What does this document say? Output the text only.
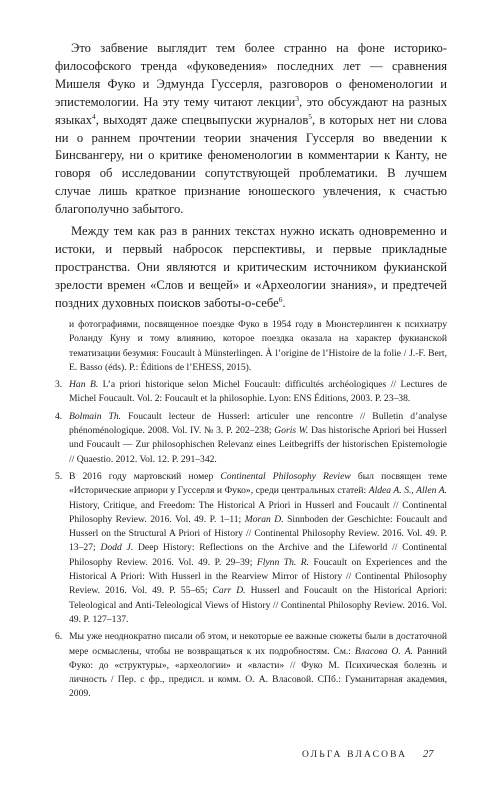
Это забвение выглядит тем более странно на фоне историко-философского тренда «фуковедения» последних лет — сравнения Мишеля Фуко и Эдмунда Гуссерля, разговоров о феноменологии и эпистемологии. На эту тему читают лекции$^3$, это обсуждают на разных языках$^4$, выходят даже спецвыпуски журналов$^5$, в которых нет ни слова ни о раннем прочтении теории значения Гуссерля во введении к Бинсвангеру, ни о критике феноменологии в комментарии к Канту, не говоря об исследовании сопутствующей проблематики. В лучшем случае лишь краткое признание юношеского увлечения, к счастью благополучно забытого.

Между тем как раз в ранних текстах нужно искать одновременно и истоки, и первый набросок перспективы, и первые прикладные пространства. Они являются и критическим источником фукианской зрелости времен «Слов и вещей» и «Археологии знания», и предтечей поздних духовных поисков заботы-о-себе$^6$.

и фотографиями, посвященное поездке Фуко в 1954 году в Мюнстерлинген к психиатру Роланду Куну и тому влиянию, которое поездка оказала на характер фукианской тематизации безумия: Foucault à Münsterlingen. À l’origine de l’Histoire de la folie / J.-F. Bert, E. Basso (éds). P.: Éditions de l’EHESS, 2015).

3. Han B. L’a priori historique selon Michel Foucault: difficultés archéologiques // Lectures de Michel Foucault. Vol. 2: Foucault et la philosophie. Lyon: ENS Éditions, 2003. P. 23–38.
4. Bolmain Th. Foucault lecteur de Husserl: articuler une rencontre // Bulletin d’analyse phénoménologique. 2008. Vol. IV. № 3. P. 202–238; Goris W. Das historische Apriori bei Husserl und Foucault — Zur philosophischen Relevanz eines Leitbegriffs der historischen Epistemologie // Quaestio. 2012. Vol. 12. P. 291–342.
5. В 2016 году мартовский номер Continental Philosophy Review был посвящен теме «Исторические априори у Гуссерля и Фуко», среди центральных статей: Aldea A. S., Allen A. History, Critique, and Freedom: The Historical A Priori in Husserl and Foucault // Continental Philosophy Review. 2016. Vol. 49. P. 1–11; Moran D. Sinnboden der Geschichte: Foucault and Husserl on the Structural A Priori of History // Continental Philosophy Review. 2016. Vol. 49. P. 13–27; Dodd J. Deep History: Reflections on the Archive and the Lifeworld // Continental Philosophy Review. 2016. Vol. 49. P. 29–39; Flynn Th. R. Foucault on Experiences and the Historical A Priori: With Husserl in the Rearview Mirror of History // Continental Philosophy Review. 2016. Vol. 49. P. 55–65; Carr D. Husserl and Foucault on the Historical Apriori: Teleological and Anti-Teleological Views of History // Continental Philosophy Review. 2016. Vol. 49. P. 127–137.
6. Мы уже неоднократно писали об этом, и некоторые ее важные сюжеты были в достаточной мере осмыслены, чтобы не возвращаться к их подробностям. См.: Власова О. А. Ранний Фуко: до «структуры», «археологии» и «власти» // Фуко М. Психическая болезнь и личность / Пер. с фр., предисл. и комм. О. А. Власовой. СПб.: Гуманитарная академия, 2009.
ОЛЬГА ВЛАСОВА 27
